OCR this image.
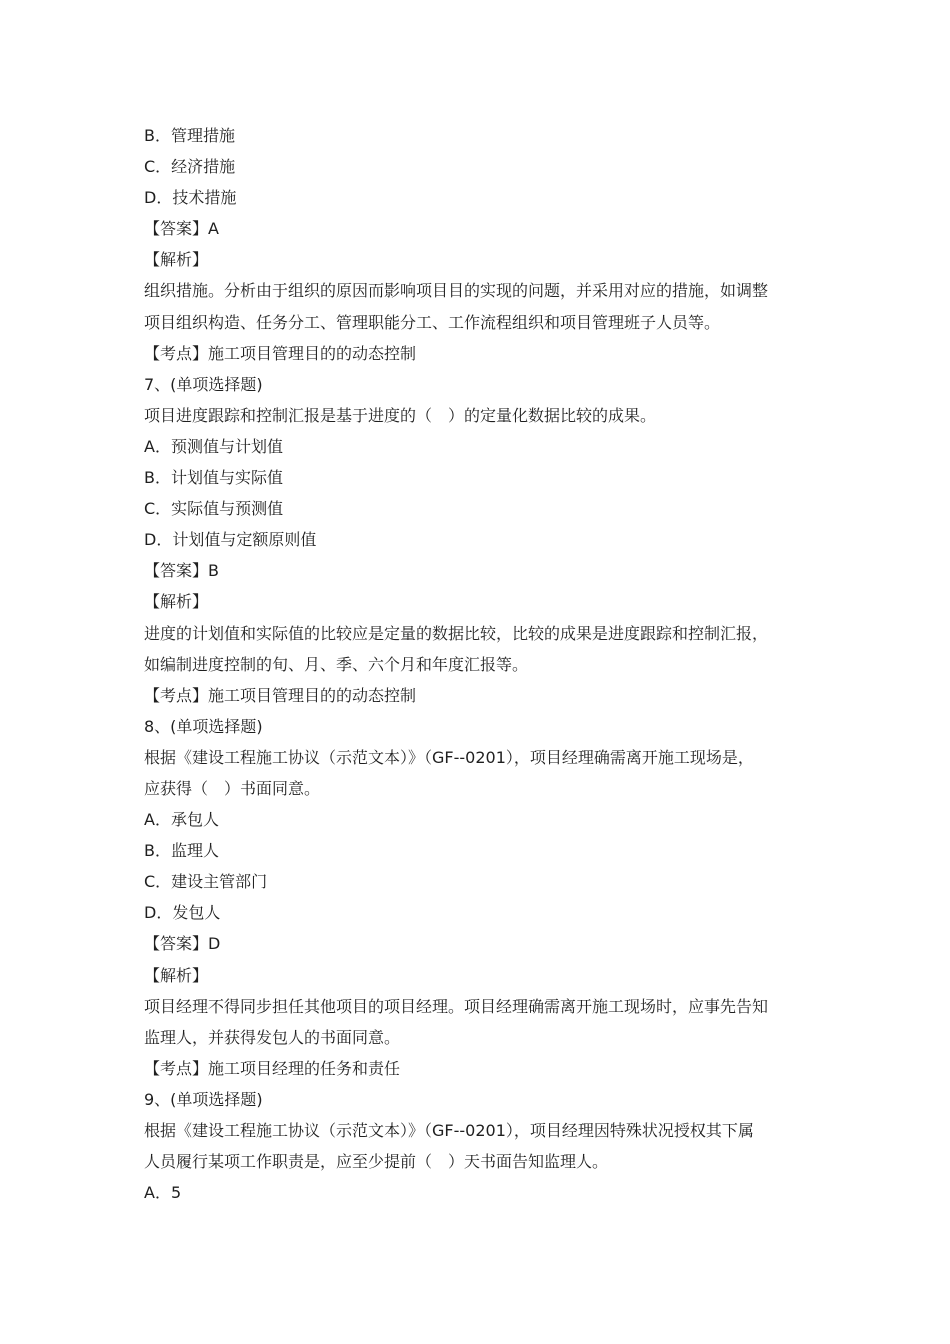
B．管理措施
C．经济措施
D．技术措施
【答案】A
【解析】
组织措施。分析由于组织的原因而影响项目目的实现的问题，并采用对应的措施，如调整
项目组织构造、任务分工、管理职能分工、工作流程组织和项目管理班子人员等。
【考点】施工项目管理目的的动态控制
7、(单项选择题)
项目进度跟踪和控制汇报是基于进度的（　）的定量化数据比较的成果。
A．预测值与计划值
B．计划值与实际值
C．实际值与预测值
D．计划值与定额原则值
【答案】B
【解析】
进度的计划值和实际值的比较应是定量的数据比较，比较的成果是进度跟踪和控制汇报，
如编制进度控制的旬、月、季、六个月和年度汇报等。
【考点】施工项目管理目的的动态控制
8、(单项选择题)
根据《建设工程施工协议（示范文本）》（GF--0201），项目经理确需离开施工现场是，
应获得（　）书面同意。
A．承包人
B．监理人
C．建设主管部门
D．发包人
【答案】D
【解析】
项目经理不得同步担任其他项目的项目经理。项目经理确需离开施工现场时，应事先告知
监理人，并获得发包人的书面同意。
【考点】施工项目经理的任务和责任
9、(单项选择题)
根据《建设工程施工协议（示范文本）》（GF--0201），项目经理因特殊状况授权其下属
人员履行某项工作职责是，应至少提前（　）天书面告知监理人。
A．5
